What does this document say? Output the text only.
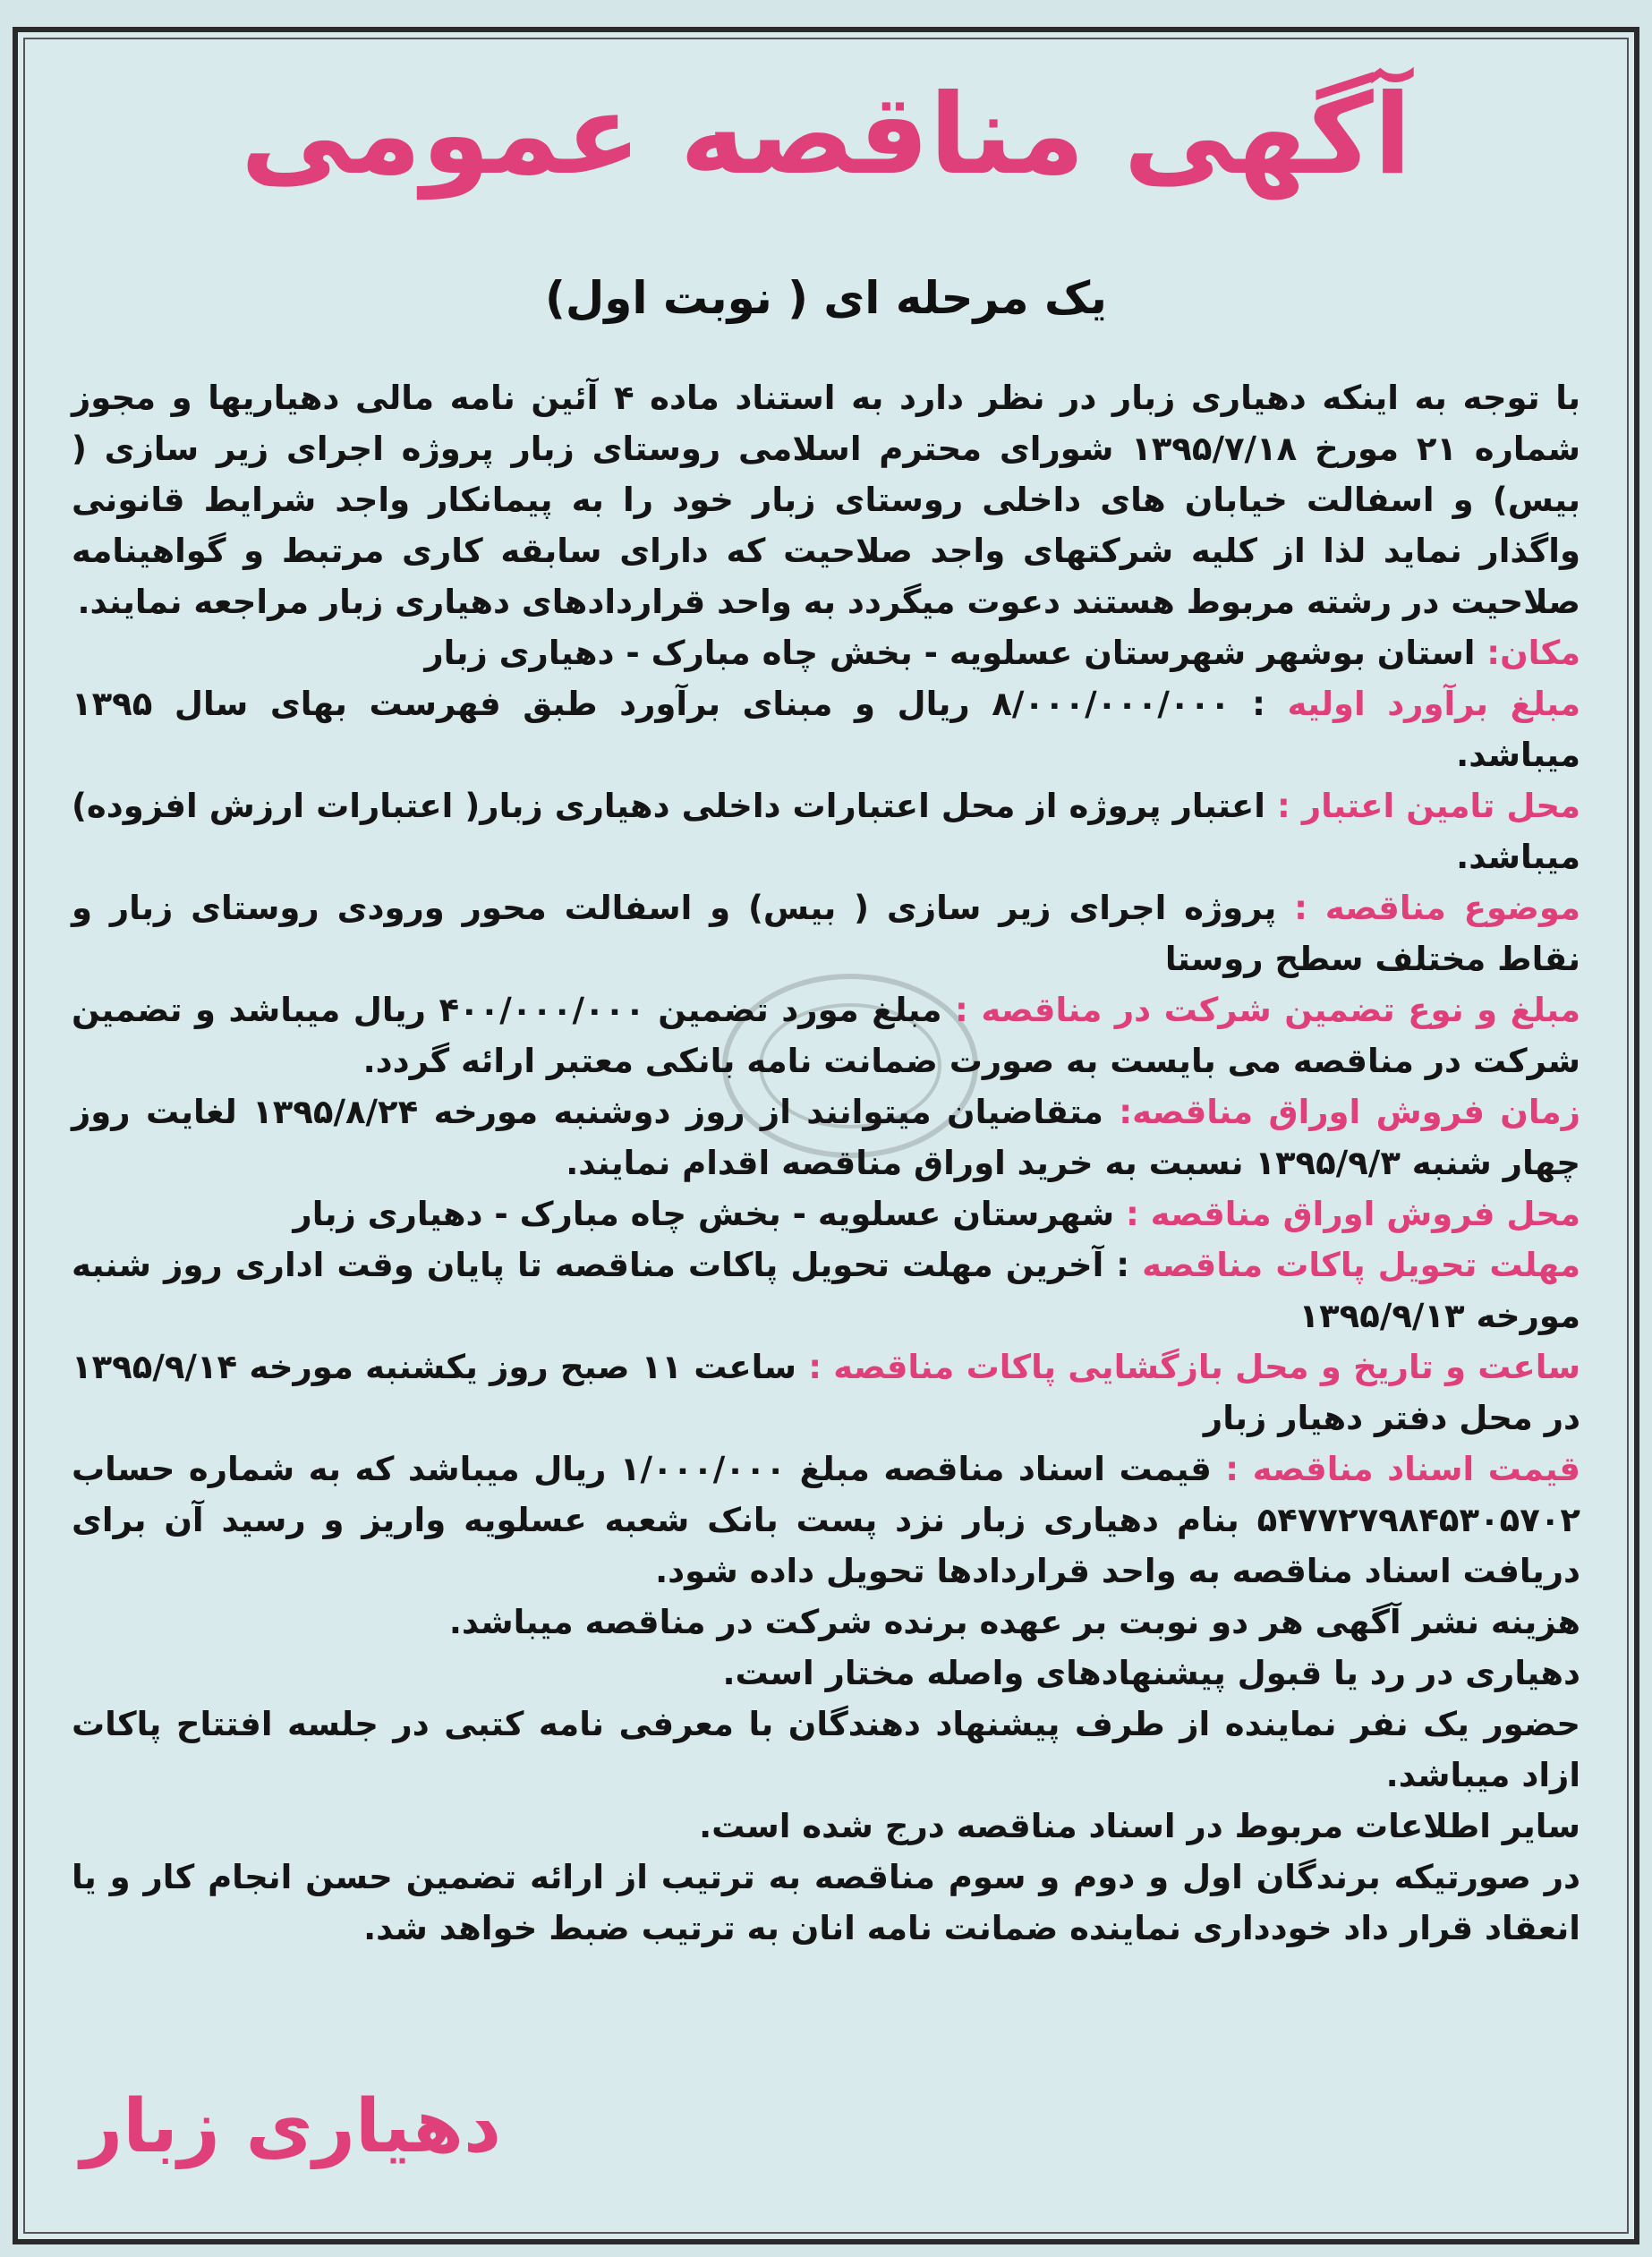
آگهی مناقصه عمومی
یک مرحله ای ( نوبت اول)

با توجه به اینکه دهیاری زبار در نظر دارد به استناد ماده ۴ آئین نامه مالی دهیاریها و مجوز شماره ۲۱ مورخ ۱۳۹۵/۷/۱۸ شورای محترم اسلامی روستای زبار پروژه اجرای زیر سازی ( بیس) و اسفالت خیابان های داخلی روستای زبار خود را به پیمانکار واجد شرایط قانونی واگذار نماید لذا از کلیه شرکتهای واجد صلاحیت که دارای سابقه کاری مرتبط و گواهینامه صلاحیت در رشته مربوط هستند دعوت میگردد به واحد قراردادهای دهیاری زبار مراجعه نمایند.

مکان: استان بوشهر شهرستان عسلویه - بخش چاه مبارک - دهیاری زبار

مبلغ برآورد اولیه : ۸/۰۰۰/۰۰۰/۰۰۰ ریال و مبنای برآورد طبق فهرست بهای سال ۱۳۹۵ میباشد.

محل تامین اعتبار : اعتبار پروژه از محل اعتبارات داخلی دهیاری زبار( اعتبارات ارزش افزوده) میباشد.

موضوع مناقصه : پروژه اجرای زیر سازی ( بیس) و اسفالت محور ورودی روستای زبار و نقاط مختلف سطح روستا

مبلغ و نوع تضمین شرکت در مناقصه : مبلغ مورد تضمین ۴۰۰/۰۰۰/۰۰۰ ریال میباشد و تضمین شرکت در مناقصه می بایست به صورت ضمانت نامه بانکی معتبر ارائه گردد.

زمان فروش اوراق مناقصه: متقاضیان میتوانند از روز دوشنبه مورخه ۱۳۹۵/۸/۲۴ لغایت روز چهار شنبه ۱۳۹۵/۹/۳ نسبت به خرید اوراق مناقصه اقدام نمایند.

محل فروش اوراق مناقصه : شهرستان عسلویه - بخش چاه مبارک - دهیاری زبار

مهلت تحویل پاکات مناقصه : آخرین مهلت تحویل پاکات مناقصه تا پایان وقت اداری روز شنبه مورخه ۱۳۹۵/۹/۱۳

ساعت و تاریخ و محل بازگشایی پاکات مناقصه : ساعت ۱۱ صبح روز یکشنبه مورخه ۱۳۹۵/۹/۱۴ در محل دفتر دهیار زبار

قیمت اسناد مناقصه : قیمت اسناد مناقصه مبلغ ۱/۰۰۰/۰۰۰ ریال میباشد که به شماره حساب ۵۴۷۷۲۷۹۸۴۵۳۰۵۷۰۲ بنام دهیاری زبار نزد پست بانک شعبه عسلویه واریز و رسید آن برای دریافت اسناد مناقصه به واحد قراردادها تحویل داده شود.

هزینه نشر آگهی هر دو نوبت بر عهده برنده شرکت در مناقصه میباشد.

دهیاری در رد یا قبول پیشنهادهای واصله مختار است.

حضور یک نفر نماینده از طرف پیشنهاد دهندگان با معرفی نامه کتبی در جلسه افتتاح پاکات ازاد میباشد.

سایر اطلاعات مربوط در اسناد مناقصه درج شده است.

در صورتیکه برندگان اول و دوم و سوم مناقصه به ترتیب از ارائه تضمین حسن انجام کار و یا انعقاد قرار داد خودداری نماینده ضمانت نامه انان به ترتیب ضبط خواهد شد.

دهیاری زبار
